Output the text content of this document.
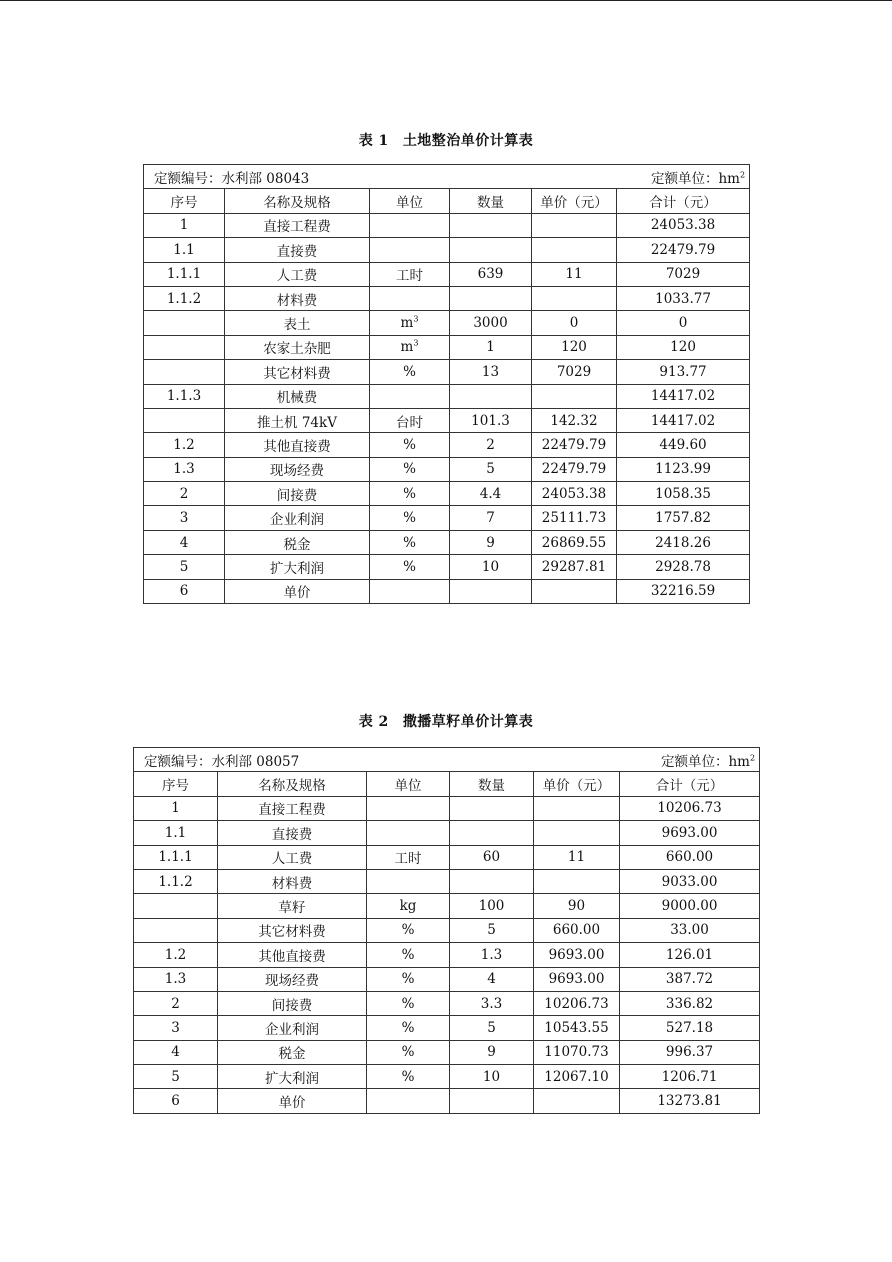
表 1 土地整治单价计算表
定额编号：水利部 08043 定额单位：$hm^2$

序号	名称及规格	单位	数量	单价（元）	合计（元）
1	直接工程费				24053.38
1.1	直接费				22479.79
1.1.1	人工费	工时	639	11	7029
1.1.2	材料费				1033.77
	表土	$m^3$	3000	0	0
	农家土杂肥	$m^3$	1	120	120
	其它材料费	%	13	7029	913.77
1.1.3	机械费				14417.02
	推土机 74kV	台时	101.3	142.32	14417.02
1.2	其他直接费	%	2	22479.79	449.60
1.3	现场经费	%	5	22479.79	1123.99
2	间接费	%	4.4	24053.38	1058.35
3	企业利润	%	7	25111.73	1757.82
4	税金	%	9	26869.55	2418.26
5	扩大利润	%	10	29287.81	2928.78
6	单价				32216.59
表 2 撒播草籽单价计算表
定额编号：水利部 08057 定额单位：$hm^2$

序号	名称及规格	单位	数量	单价（元）	合计（元）
1	直接工程费				10206.73
1.1	直接费				9693.00
1.1.1	人工费	工时	60	11	660.00
1.1.2	材料费				9033.00
	草籽	kg	100	90	9000.00
	其它材料费	%	5	660.00	33.00
1.2	其他直接费	%	1.3	9693.00	126.01
1.3	现场经费	%	4	9693.00	387.72
2	间接费	%	3.3	10206.73	336.82
3	企业利润	%	5	10543.55	527.18
4	税金	%	9	11070.73	996.37
5	扩大利润	%	10	12067.10	1206.71
6	单价				13273.81
